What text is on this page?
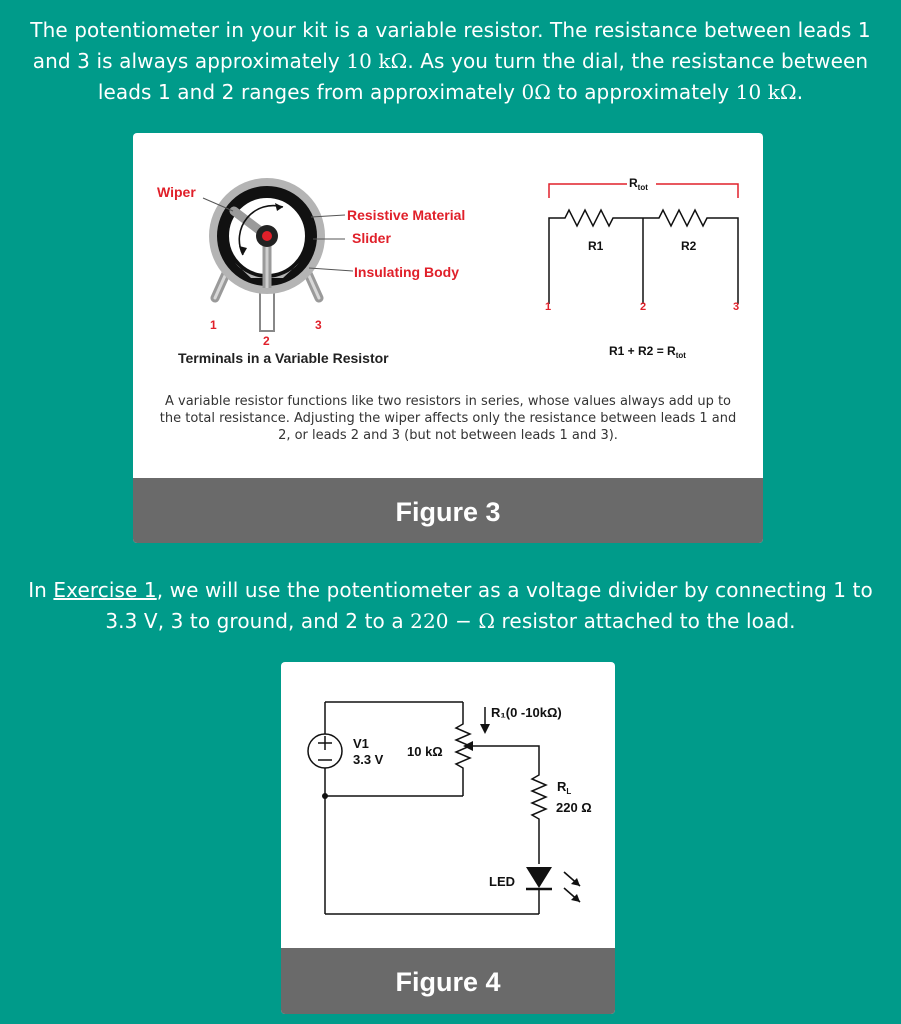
The potentiometer in your kit is a variable resistor. The resistance between leads 1 and 3 is always approximately 10 kΩ. As you turn the dial, the resistance between leads 1 and 2 ranges from approximately 0Ω to approximately 10 kΩ.
Wiper
Resistive Material
Slider
Insulating Body
1
2
3
Terminals in a Variable Resistor
$R_{tot}$
R1	R2
1	2	3
$R1 + R2 = R_{tot}$
A variable resistor functions like two resistors in series, whose values always add up to the total resistance. Adjusting the wiper affects only the resistance between leads 1 and 2, or leads 2 and 3 (but not between leads 1 and 3).
Figure 3
In Exercise 1, we will use the potentiometer as a voltage divider by connecting 1 to 3.3 V, 3 to ground, and 2 to a 220 − Ω resistor attached to the load.
R₁(0 -10kΩ)
10 kΩ
V1
3.3 V
$R_L$
220 Ω
LED
Figure 4
